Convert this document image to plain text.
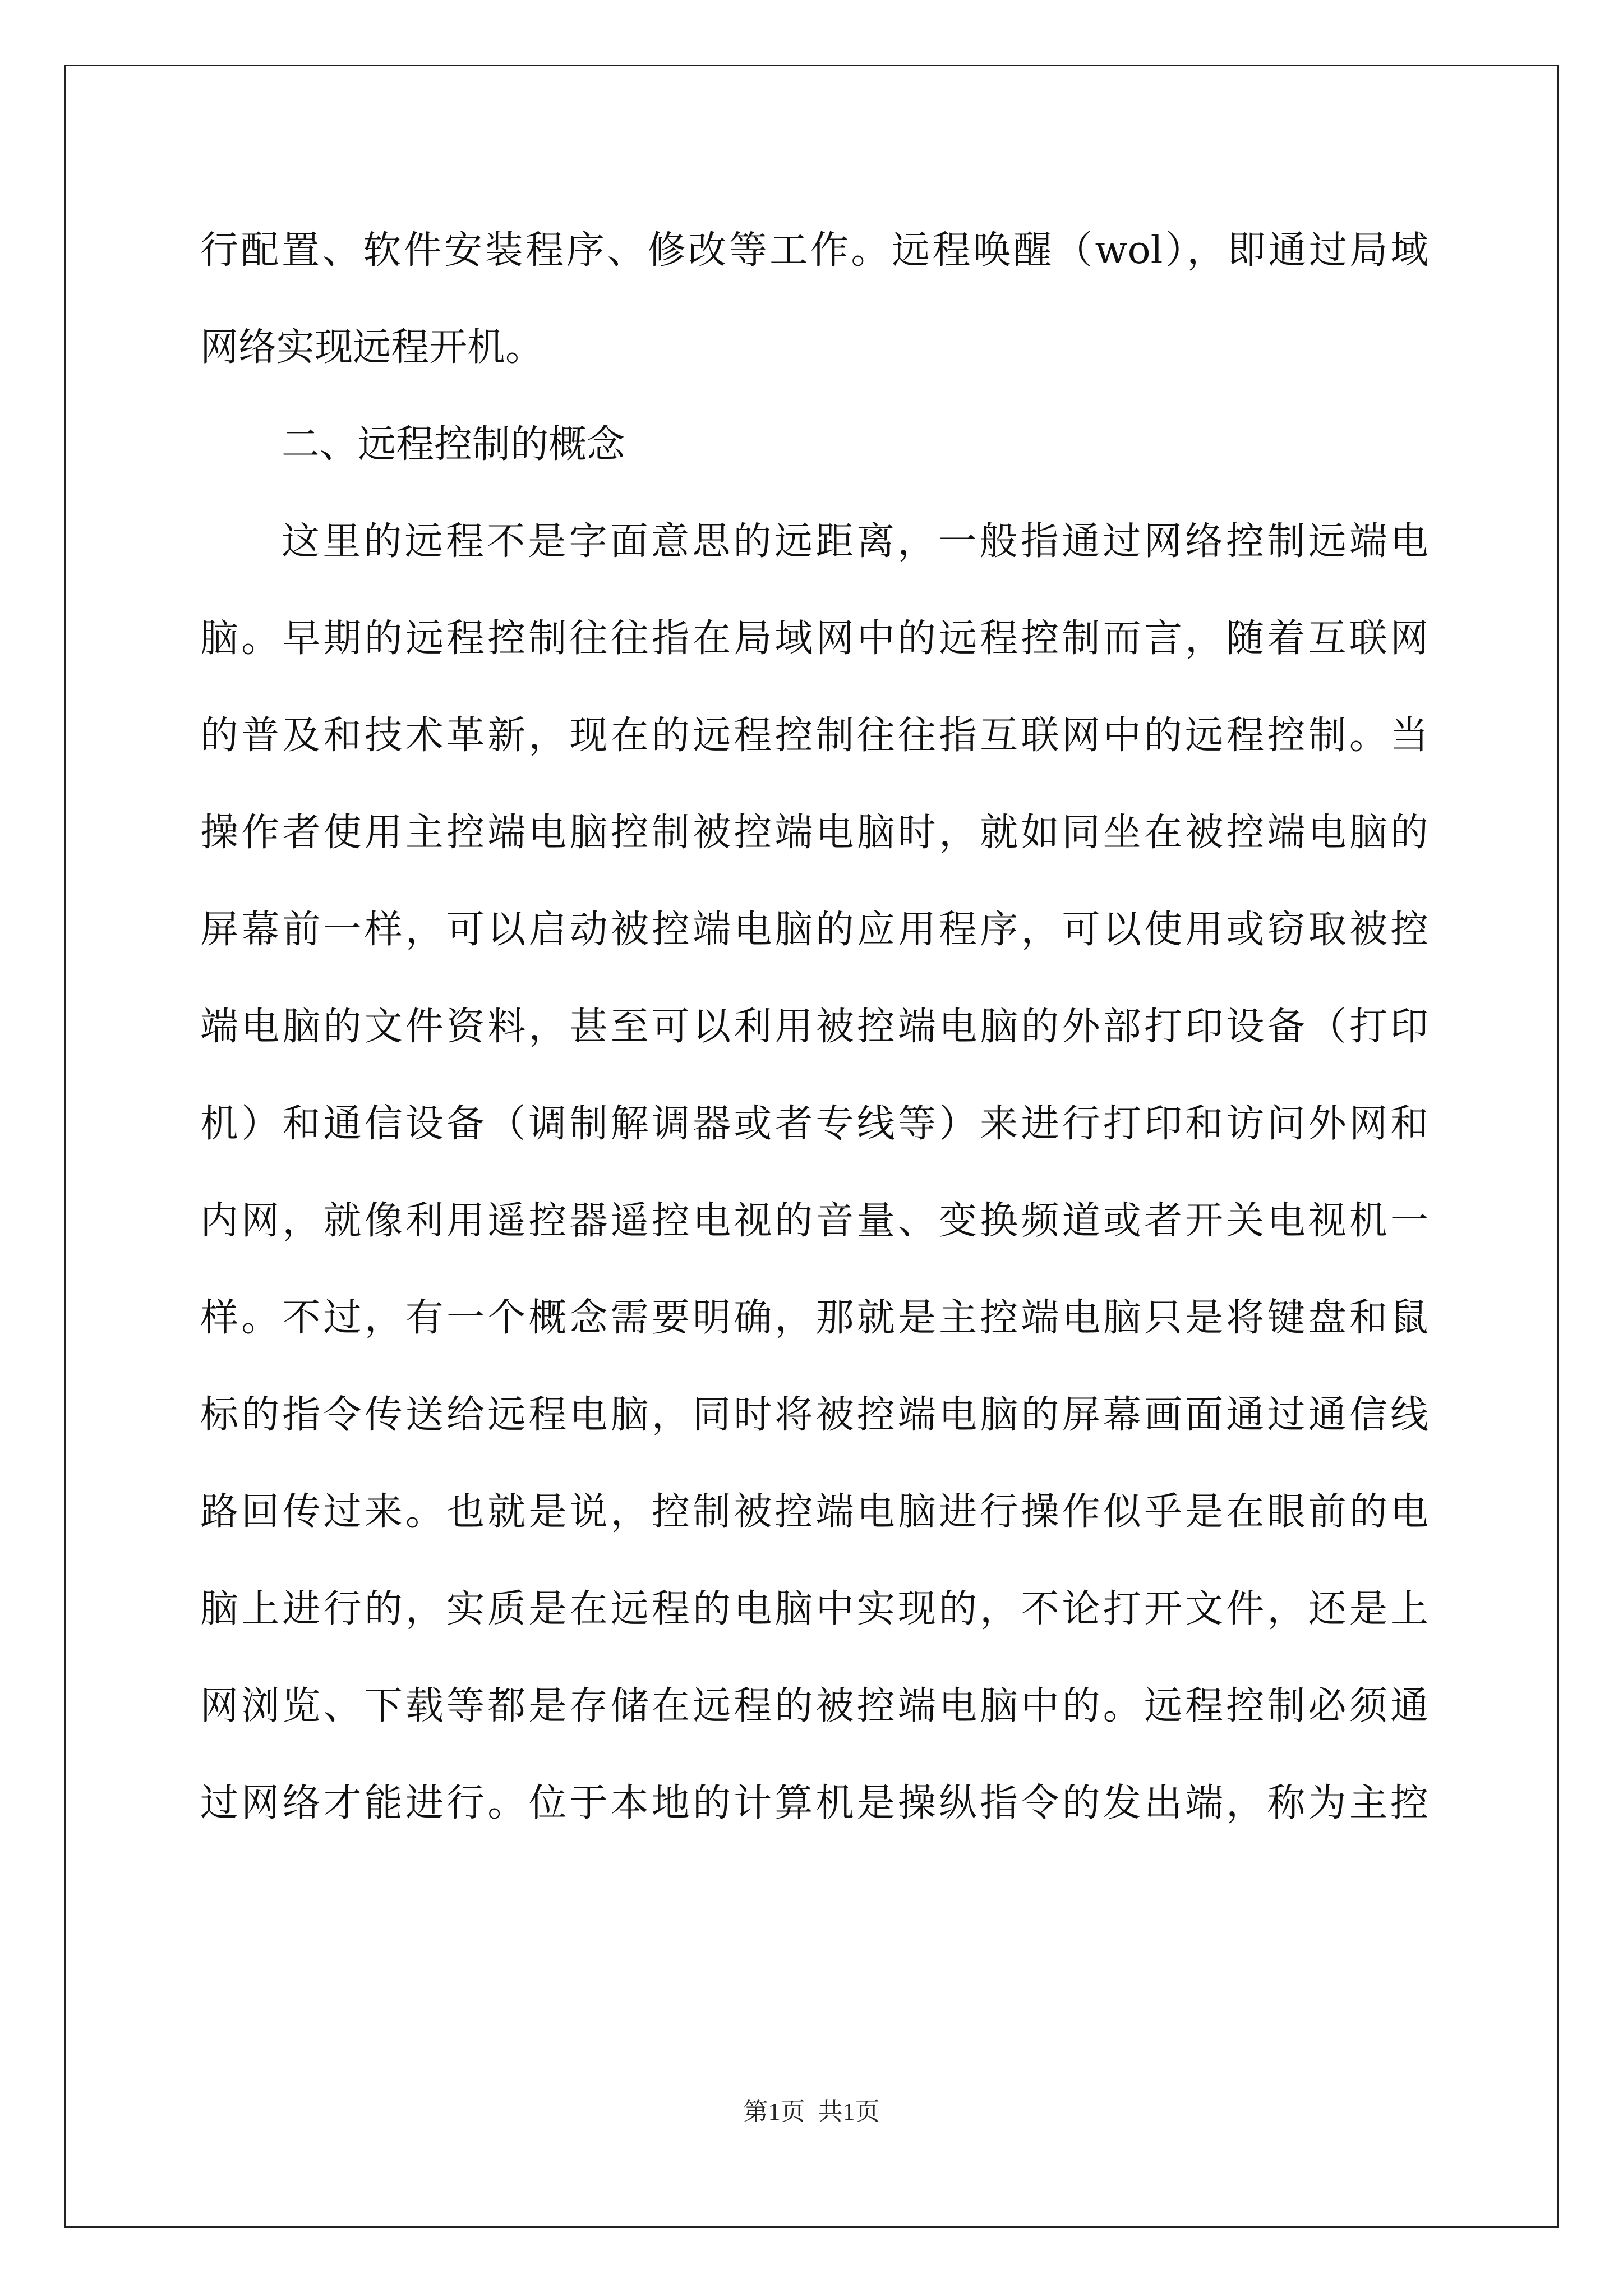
行配置、软件安装程序、修改等工作。远程唤醒（wol），即通过局域
网络实现远程开机。
二、远程控制的概念
这里的远程不是字面意思的远距离，一般指通过网络控制远端电
脑。早期的远程控制往往指在局域网中的远程控制而言，随着互联网
的普及和技术革新，现在的远程控制往往指互联网中的远程控制。当
操作者使用主控端电脑控制被控端电脑时，就如同坐在被控端电脑的
屏幕前一样，可以启动被控端电脑的应用程序，可以使用或窃取被控
端电脑的文件资料，甚至可以利用被控端电脑的外部打印设备（打印
机）和通信设备（调制解调器或者专线等）来进行打印和访问外网和
内网，就像利用遥控器遥控电视的音量、变换频道或者开关电视机一
样。不过，有一个概念需要明确，那就是主控端电脑只是将键盘和鼠
标的指令传送给远程电脑，同时将被控端电脑的屏幕画面通过通信线
路回传过来。也就是说，控制被控端电脑进行操作似乎是在眼前的电
脑上进行的，实质是在远程的电脑中实现的，不论打开文件，还是上
网浏览、下载等都是存储在远程的被控端电脑中的。远程控制必须通
过网络才能进行。位于本地的计算机是操纵指令的发出端，称为主控
第1页 共1页
